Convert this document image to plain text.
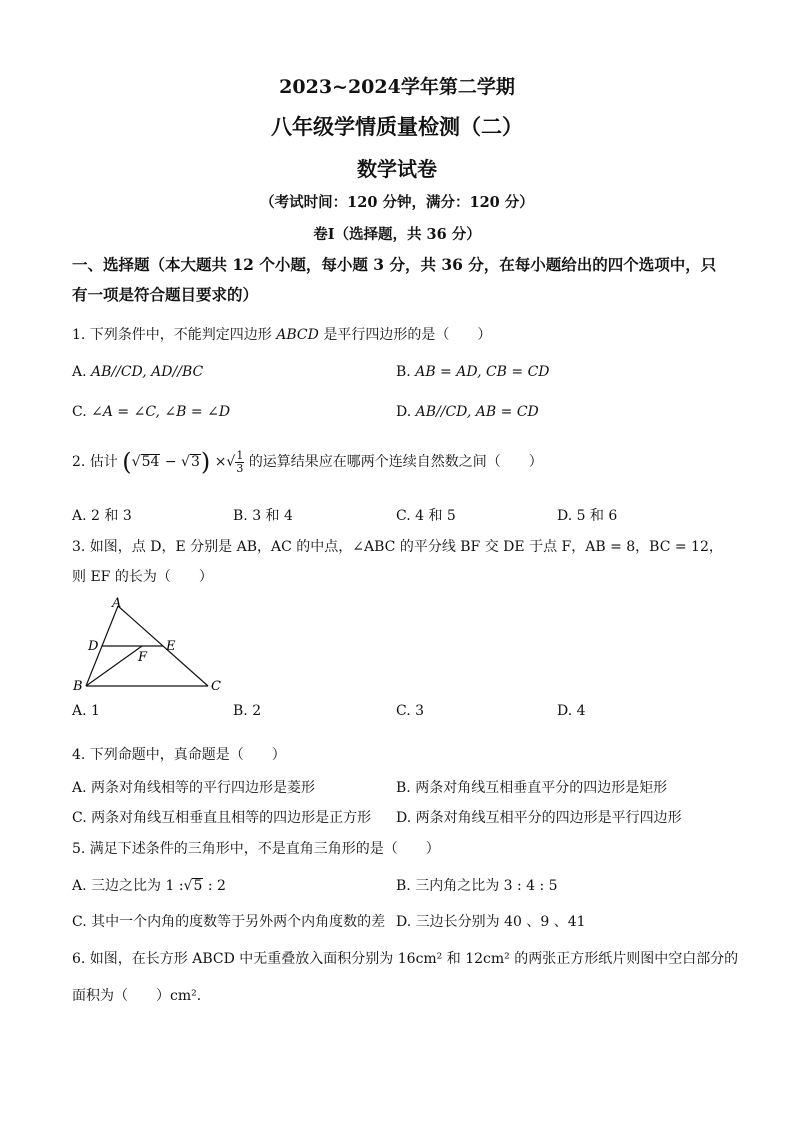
2023~2024学年第二学期
八年级学情质量检测（二）
数学试卷
（考试时间：120 分钟，满分：120 分）
卷Ⅰ（选择题，共 36 分）
一、选择题（本大题共 12 个小题，每小题 3 分，共 36 分，在每小题给出的四个选项中，只
有一项是符合题目要求的）
1. 下列条件中，不能判定四边形 ABCD 是平行四边形的是（　　）
A. AB//CD, AD//BC	B. AB = AD, CB = CD
C. ∠A = ∠C, ∠B = ∠D	D. AB//CD, AB = CD
2. 估计 (√54 − √3) ×√ $\frac{1}{3}$ 的运算结果应在哪两个连续自然数之间（　　）
A. 2 和 3	B. 3 和 4	C. 4 和 5	D. 5 和 6
3. 如图，点 D，E 分别是 AB，AC 的中点，∠ABC 的平分线 BF 交 DE 于点 F，AB = 8，BC = 12，
则 EF 的长为（　　）
A
B	C
D	E
F
A. 1	B. 2	C. 3	D. 4
4. 下列命题中，真命题是（　　）
A. 两条对角线相等的平行四边形是菱形	B. 两条对角线互相垂直平分的四边形是矩形
C. 两条对角线互相垂直且相等的四边形是正方形 D. 两条对角线互相平分的四边形是平行四边形
5. 满足下述条件的三角形中，不是直角三角形的是（　　）
A. 三边之比为 1 :√5 : 2	B. 三内角之比为 3 : 4 : 5
C. 其中一个内角的度数等于另外两个内角度数的差 D. 三边长分别为 40 、9 、41
6. 如图，在长方形 ABCD 中无重叠放入面积分别为 16cm² 和 12cm² 的两张正方形纸片则图中空白部分的
面积为（　　）cm²．
